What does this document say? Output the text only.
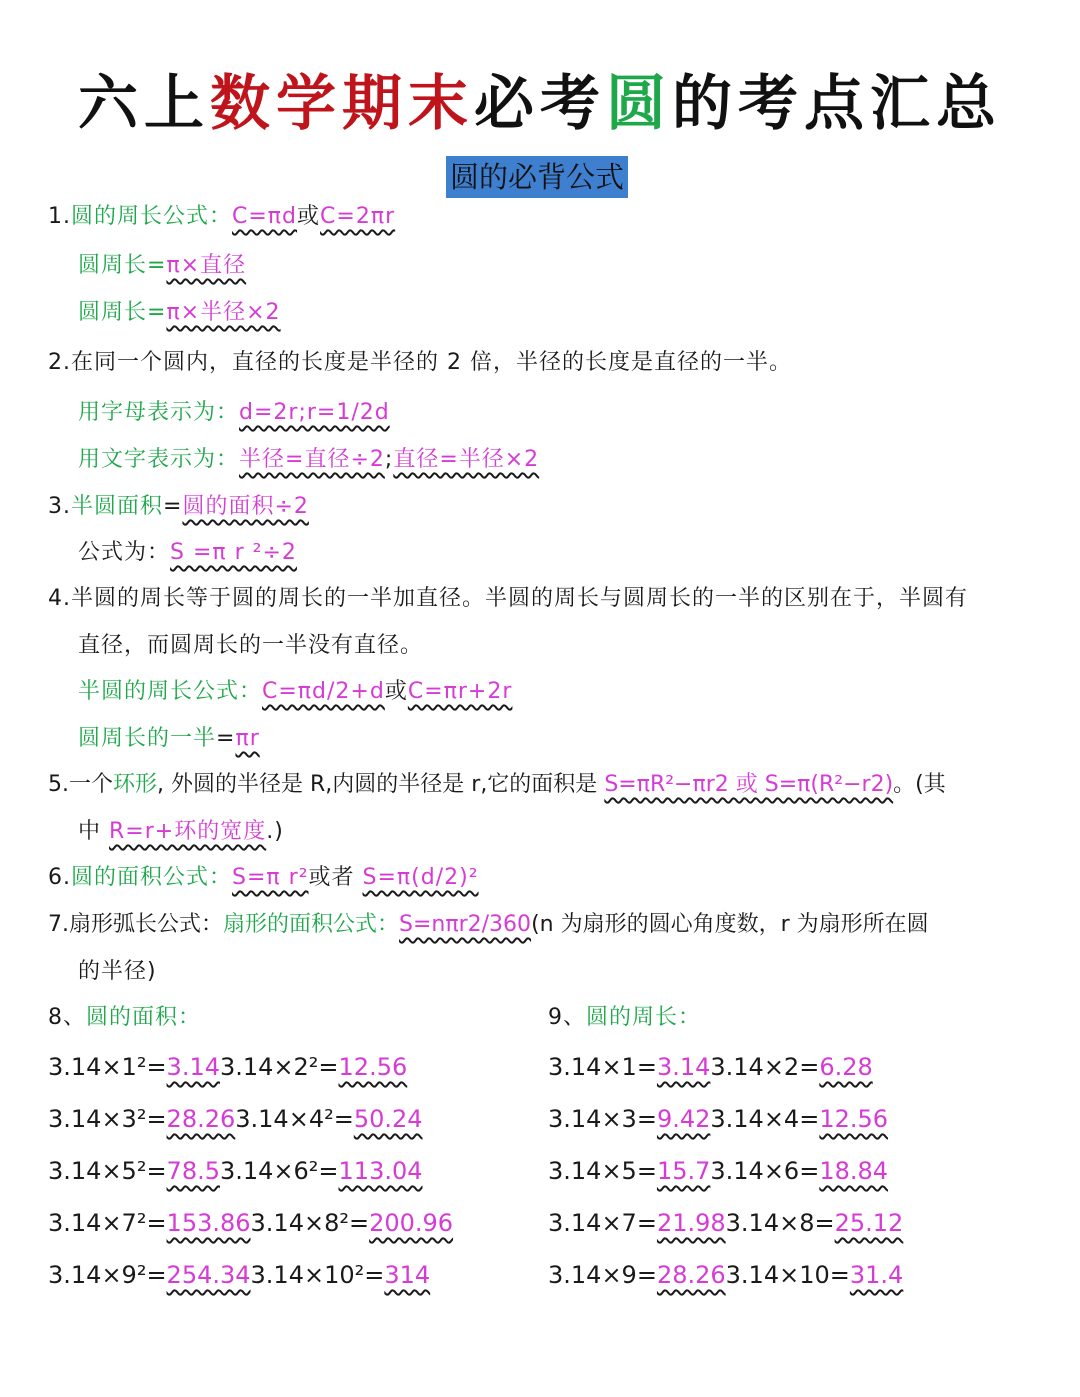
六上数学期末必考圆的考点汇总
圆的必背公式
1.圆的周长公式：C=πd或C=2πr
圆周长=π×直径
圆周长=π×半径×2
2.在同一个圆内，直径的长度是半径的 2 倍，半径的长度是直径的一半。
用字母表示为：d=2r;r=1/2d
用文字表示为：半径=直径÷2;直径=半径×2
3.半圆面积=圆的面积÷2
公式为：S =π r ²÷2
4.半圆的周长等于圆的周长的一半加直径。半圆的周长与圆周长的一半的区别在于，半圆有
直径，而圆周长的一半没有直径。
半圆的周长公式：C=πd/2+d或C=πr+2r
圆周长的一半=πr
5.一个环形, 外圆的半径是 R,内圆的半径是 r,它的面积是 S=πR²−πr2 或 S=π(R²−r2)。(其
中 R=r+环的宽度.)
6.圆的面积公式：S=π r²或者 S=π(d/2)²
7.扇形弧长公式：扇形的面积公式：S=nπr2/360(n 为扇形的圆心角度数，r 为扇形所在圆
的半径)
8、圆的面积：	9、圆的周长：
3.14×1²=3.143.14×2²=12.56
3.14×3²=28.263.14×4²=50.24
3.14×5²=78.53.14×6²=113.04
3.14×7²=153.863.14×8²=200.96
3.14×9²=254.343.14×10²=314
3.14×1=3.143.14×2=6.28
3.14×3=9.423.14×4=12.56
3.14×5=15.73.14×6=18.84
3.14×7=21.983.14×8=25.12
3.14×9=28.263.14×10=31.4
